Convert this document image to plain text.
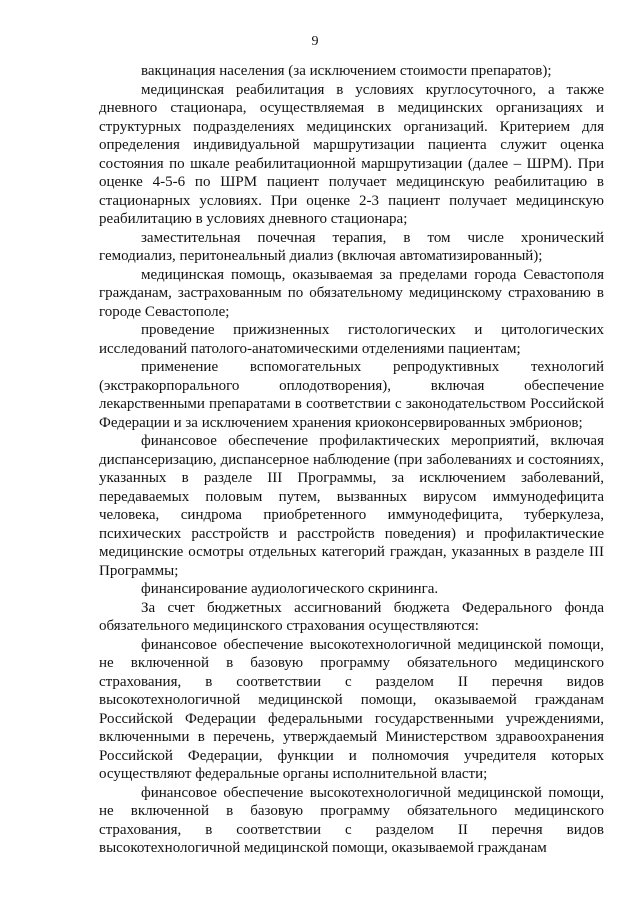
9

вакцинация населения (за исключением стоимости препаратов);

медицинская реабилитация в условиях круглосуточного, а также дневного стационара, осуществляемая в медицинских организациях и структурных подразделениях медицинских организаций. Критерием для определения индивидуальной маршрутизации пациента служит оценка состояния по шкале реабилитационной маршрутизации (далее – ШРМ). При оценке 4-5-6 по ШРМ пациент получает медицинскую реабилитацию в стационарных условиях. При оценке 2-3 пациент получает медицинскую реабилитацию в условиях дневного стационара;

заместительная почечная терапия, в том числе хронический гемодиализ, перитонеальный диализ (включая автоматизированный);

медицинская помощь, оказываемая за пределами города Севастополя гражданам, застрахованным по обязательному медицинскому страхованию в городе Севастополе;

проведение прижизненных гистологических и цитологических исследований патолого-анатомическими отделениями пациентам;

применение вспомогательных репродуктивных технологий (экстракорпорального оплодотворения), включая обеспечение лекарственными препаратами в соответствии с законодательством Российской Федерации и за исключением хранения криоконсервированных эмбрионов;

финансовое обеспечение профилактических мероприятий, включая диспансеризацию, диспансерное наблюдение (при заболеваниях и состояниях, указанных в разделе III Программы, за исключением заболеваний, передаваемых половым путем, вызванных вирусом иммунодефицита человека, синдрома приобретенного иммунодефицита, туберкулеза, психических расстройств и расстройств поведения) и профилактические медицинские осмотры отдельных категорий граждан, указанных в разделе III Программы;

финансирование аудиологического скрининга.

За счет бюджетных ассигнований бюджета Федерального фонда обязательного медицинского страхования осуществляются:

финансовое обеспечение высокотехнологичной медицинской помощи, не включенной в базовую программу обязательного медицинского страхования, в соответствии с разделом II перечня видов высокотехнологичной медицинской помощи, оказываемой гражданам Российской Федерации федеральными государственными учреждениями, включенными в перечень, утверждаемый Министерством здравоохранения Российской Федерации, функции и полномочия учредителя которых осуществляют федеральные органы исполнительной власти;

финансовое обеспечение высокотехнологичной медицинской помощи, не включенной в базовую программу обязательного медицинского страхования, в соответствии с разделом II перечня видов высокотехнологичной медицинской помощи, оказываемой гражданам
